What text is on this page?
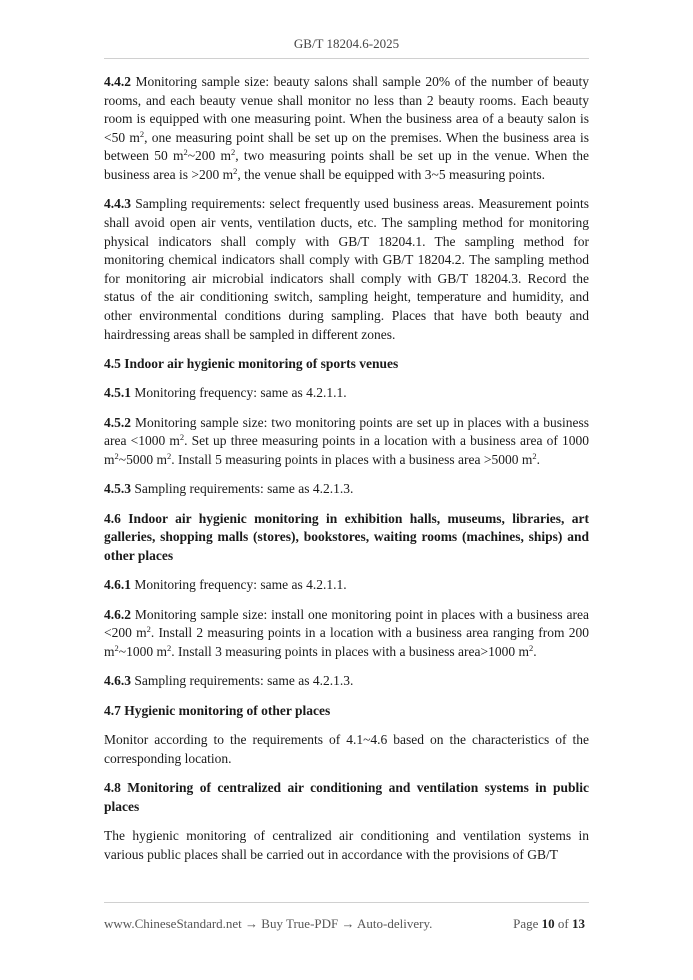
GB/T 18204.6-2025

4.4.2 Monitoring sample size: beauty salons shall sample 20% of the number of beauty rooms, and each beauty venue shall monitor no less than 2 beauty rooms. Each beauty room is equipped with one measuring point. When the business area of a beauty salon is <50 $m^2$, one measuring point shall be set up on the premises. When the business area is between 50 $m^2\sim 200$ $m^2$, two measuring points shall be set up in the venue. When the business area is >200 $m^2$, the venue shall be equipped with 3~5 measuring points.

4.4.3 Sampling requirements: select frequently used business areas. Measurement points shall avoid open air vents, ventilation ducts, etc. The sampling method for monitoring physical indicators shall comply with GB/T 18204.1. The sampling method for monitoring chemical indicators shall comply with GB/T 18204.2. The sampling method for monitoring air microbial indicators shall comply with GB/T 18204.3. Record the status of the air conditioning switch, sampling height, temperature and humidity, and other environmental conditions during sampling. Places that have both beauty and hairdressing areas shall be sampled in different zones.

4.5 Indoor air hygienic monitoring of sports venues

4.5.1 Monitoring frequency: same as 4.2.1.1.

4.5.2 Monitoring sample size: two monitoring points are set up in places with a business area <1000 $m^2$. Set up three measuring points in a location with a business area of 1000 $m^2\sim 5000$ $m^2$. Install 5 measuring points in places with a business area >5000 $m^2$.

4.5.3 Sampling requirements: same as 4.2.1.3.

4.6 Indoor air hygienic monitoring in exhibition halls, museums, libraries, art galleries, shopping malls (stores), bookstores, waiting rooms (machines, ships) and other places

4.6.1 Monitoring frequency: same as 4.2.1.1.

4.6.2 Monitoring sample size: install one monitoring point in places with a business area <200 $m^2$. Install 2 measuring points in a location with a business area ranging from 200 $m^2\sim 1000$ $m^2$. Install 3 measuring points in places with a business area>1000 $m^2$.

4.6.3 Sampling requirements: same as 4.2.1.3.

4.7 Hygienic monitoring of other places

Monitor according to the requirements of 4.1~4.6 based on the characteristics of the corresponding location.

4.8 Monitoring of centralized air conditioning and ventilation systems in public places

The hygienic monitoring of centralized air conditioning and ventilation systems in various public places shall be carried out in accordance with the provisions of GB/T

www.ChineseStandard.net → Buy True-PDF → Auto-delivery.	Page 10 of 13
